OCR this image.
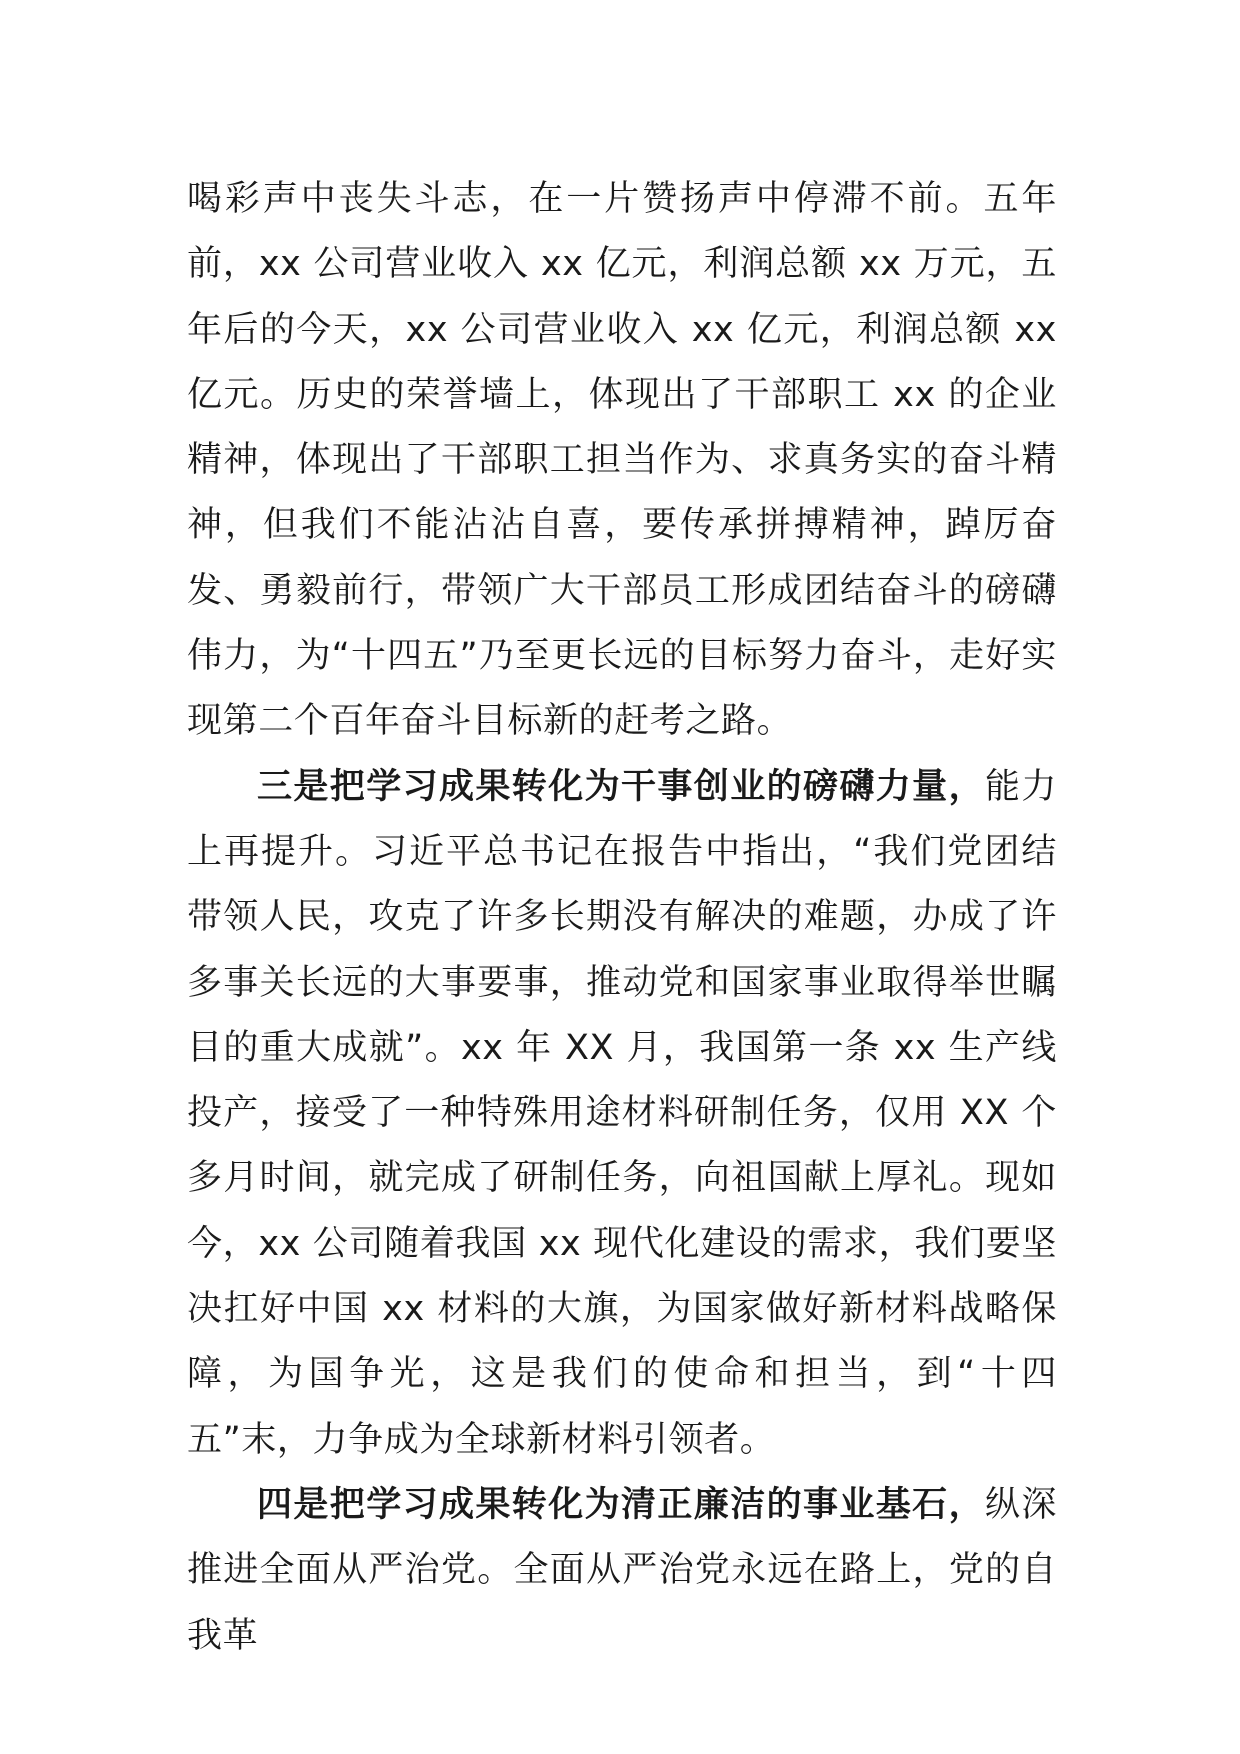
喝彩声中丧失斗志，在一片赞扬声中停滞不前。五年前，xx 公司营业收入 xx 亿元，利润总额 xx 万元，五年后的今天，xx 公司营业收入 xx 亿元，利润总额 xx 亿元。历史的荣誉墙上，体现出了干部职工 xx 的企业精神，体现出了干部职工担当作为、求真务实的奋斗精神，但我们不能沾沾自喜，要传承拼搏精神，踔厉奋发、勇毅前行，带领广大干部员工形成团结奋斗的磅礴伟力，为“十四五”乃至更长远的目标努力奋斗，走好实现第二个百年奋斗目标新的赶考之路。

三是把学习成果转化为干事创业的磅礴力量，能力上再提升。习近平总书记在报告中指出，“我们党团结带领人民，攻克了许多长期没有解决的难题，办成了许多事关长远的大事要事，推动党和国家事业取得举世瞩目的重大成就”。xx 年 XX 月，我国第一条 xx 生产线投产，接受了一种特殊用途材料研制任务，仅用 XX 个多月时间，就完成了研制任务，向祖国献上厚礼。现如今，xx 公司随着我国 xx 现代化建设的需求，我们要坚决扛好中国 xx 材料的大旗，为国家做好新材料战略保障，为国争光，这是我们的使命和担当，到“十四五”末，力争成为全球新材料引领者。

四是把学习成果转化为清正廉洁的事业基石，纵深推进全面从严治党。全面从严治党永远在路上，党的自我革
